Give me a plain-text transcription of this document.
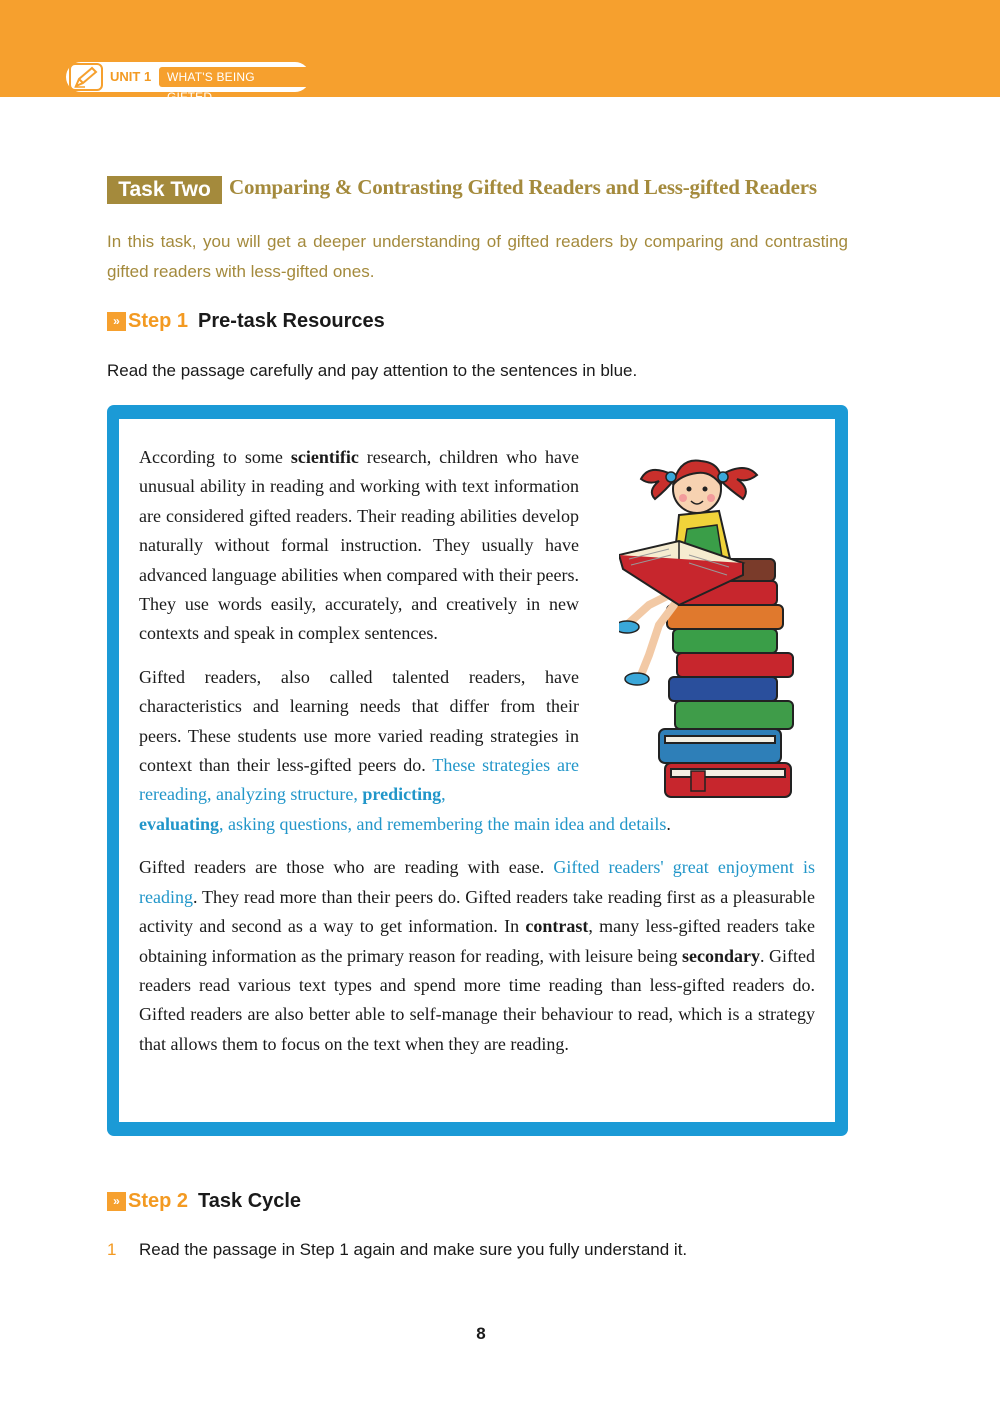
UNIT 1	WHAT'S BEING GIFTED
Task Two Comparing & Contrasting Gifted Readers and Less-gifted Readers
In this task, you will get a deeper understanding of gifted readers by comparing and contrasting gifted readers with less-gifted ones.
» Step 1 Pre-task Resources
Read the passage carefully and pay attention to the sentences in blue.

According to some scientific research, children who have unusual ability in reading and working with text information are considered gifted readers. Their reading abilities develop naturally without formal instruction. They usually have advanced language abilities when compared with their peers. They use words easily, accurately, and creatively in new contexts and speak in complex sentences.

Gifted readers, also called talented readers, have characteristics and learning needs that differ from their peers. These students use more varied reading strategies in context than their less-gifted peers do. These strategies are rereading, analyzing structure, predicting,
evaluating, asking questions, and remembering the main idea and details.

Gifted readers are those who are reading with ease. Gifted readers' great enjoyment is reading. They read more than their peers do. Gifted readers take reading first as a pleasurable activity and second as a way to get information. In contrast, many less-gifted readers take obtaining information as the primary reason for reading, with leisure being secondary. Gifted readers read various text types and spend more time reading than less-gifted readers do. Gifted readers are also better able to self-manage their behaviour to read, which is a strategy that allows them to focus on the text when they are reading.

» Step 2 Task Cycle
1 Read the passage in Step 1 again and make sure you fully understand it.
8
